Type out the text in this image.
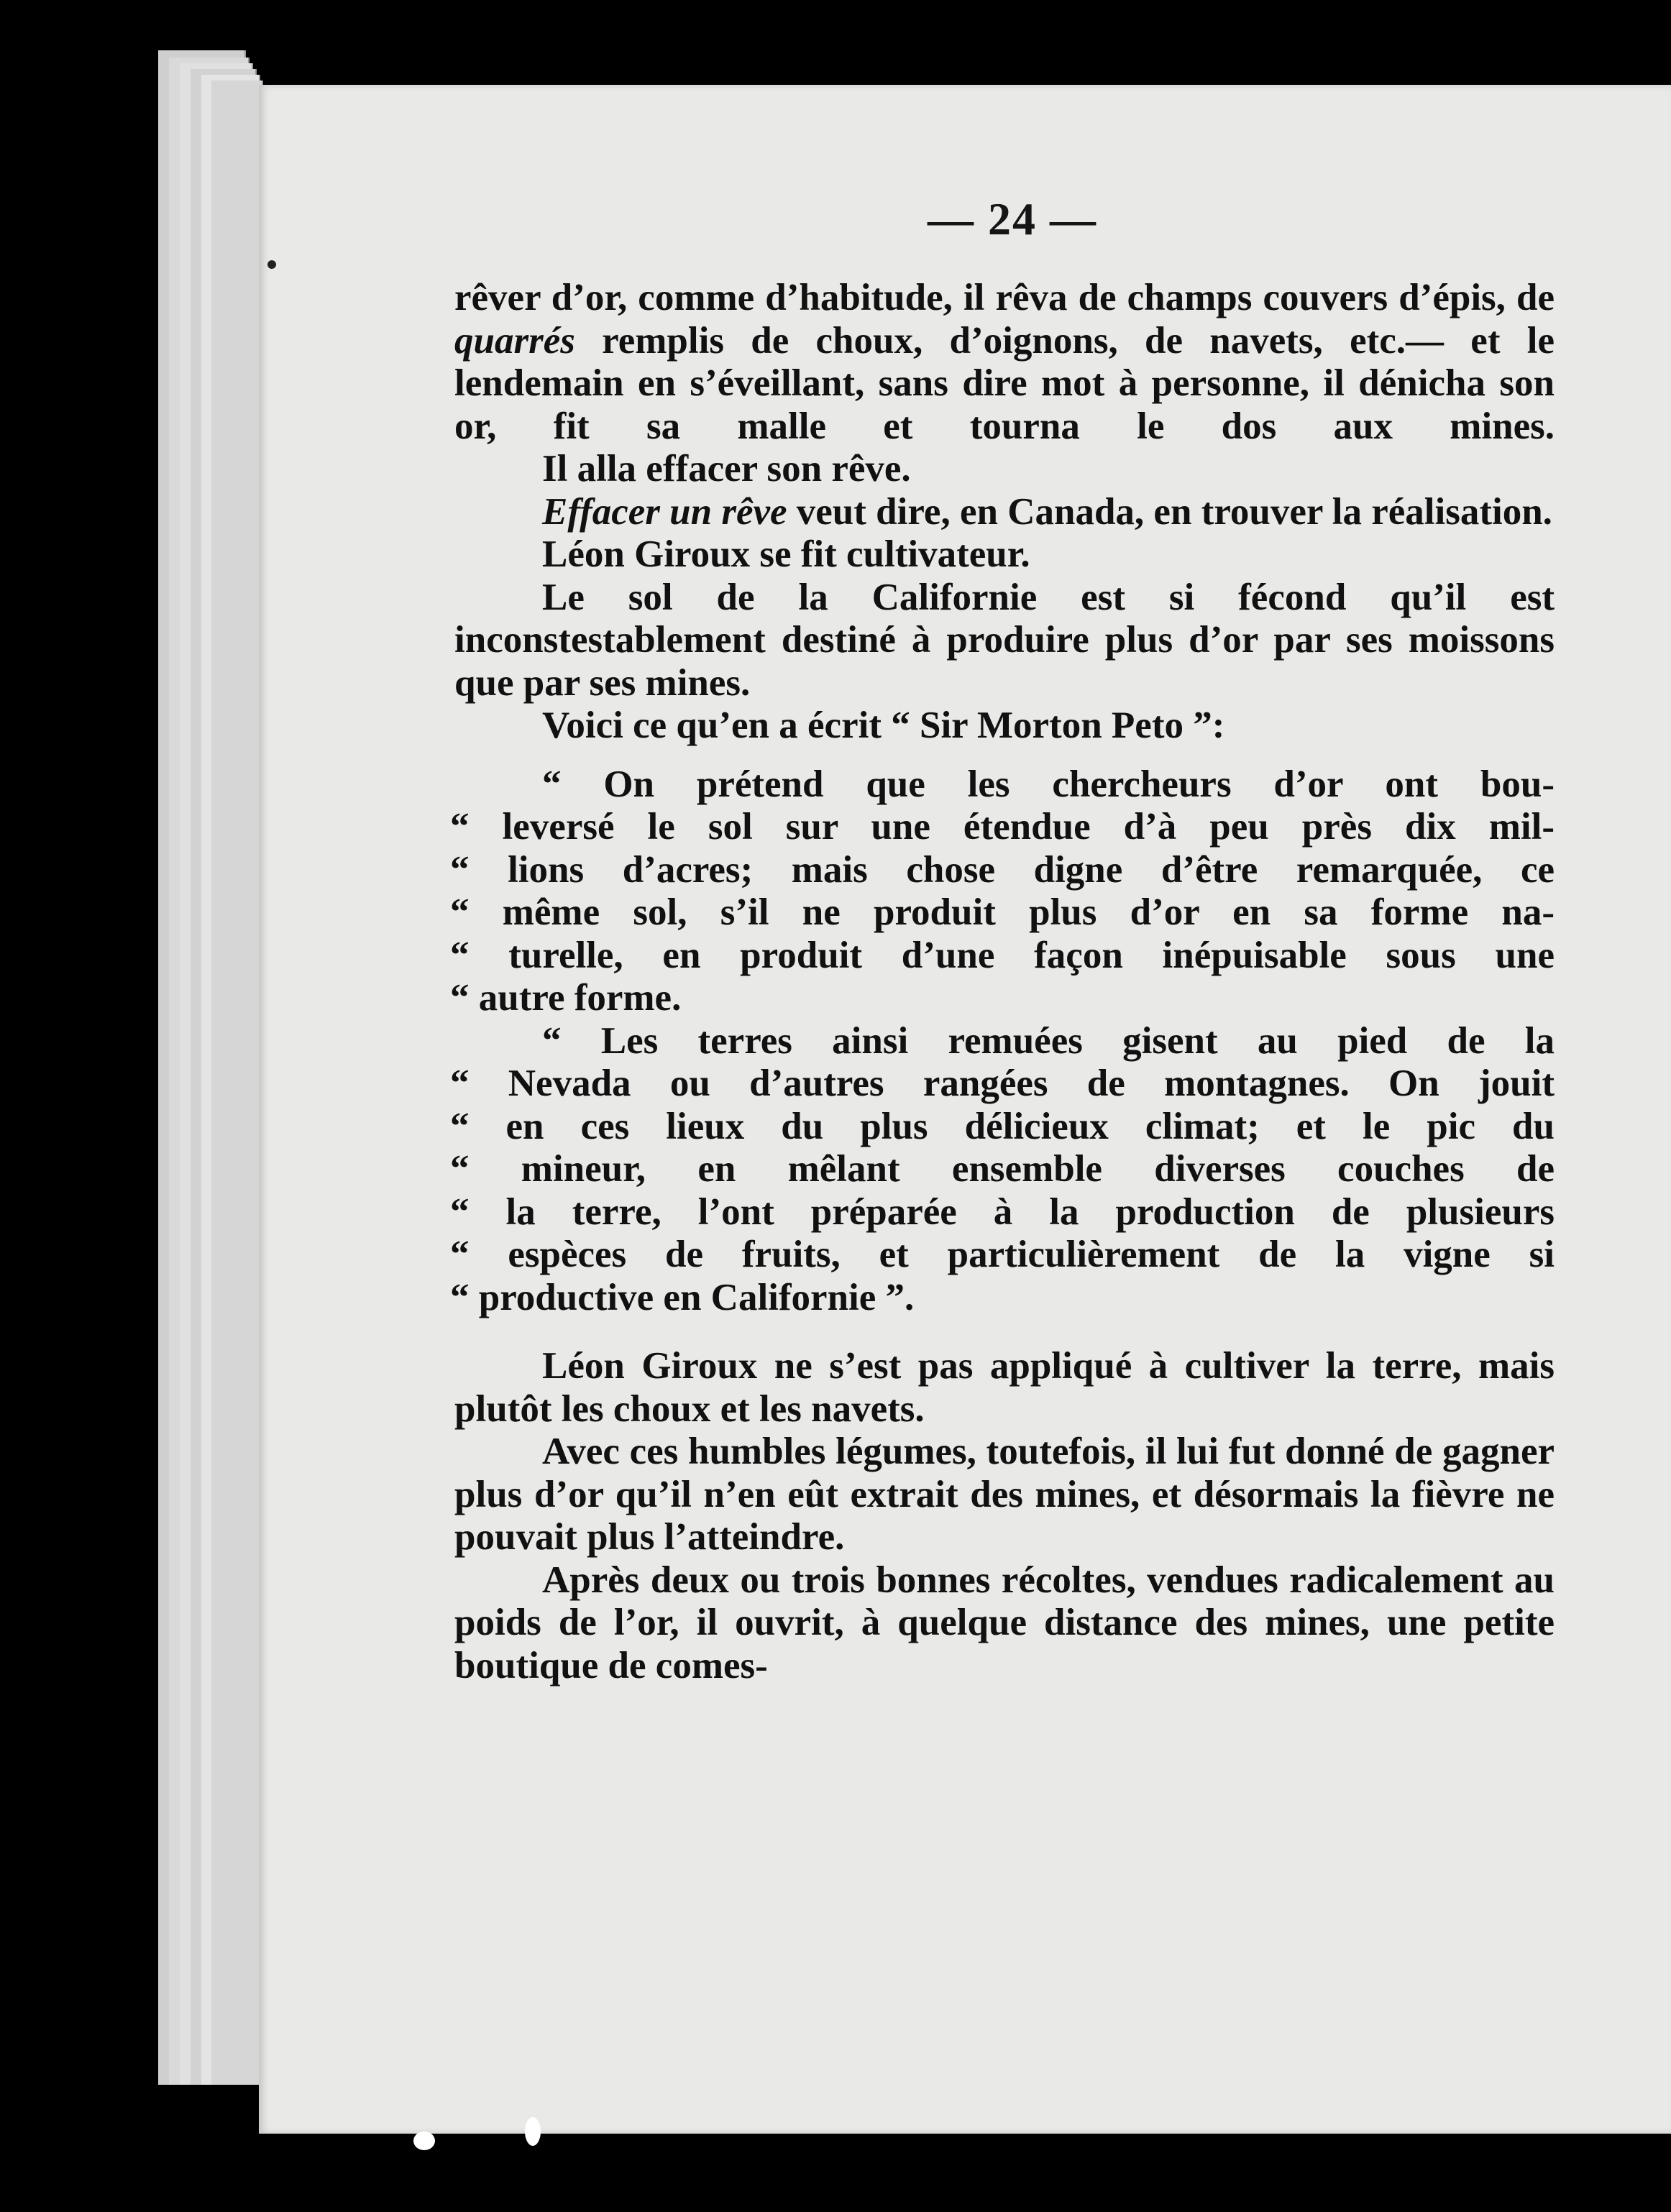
— 24 —

rêver d’or, comme d’habitude, il rêva de champs couvers d’épis, de quarrés remplis de choux, d’oignons, de navets, etc.— et le lendemain en s’éveillant, sans dire mot à personne, il dénicha son or, fit sa malle et tourna le dos aux mines.

Il alla effacer son rêve.

Effacer un rêve veut dire, en Canada, en trouver la réalisation.

Léon Giroux se fit cultivateur.

Le sol de la Californie est si fécond qu’il est inconstestablement destiné à produire plus d’or par ses moissons que par ses mines.

Voici ce qu’en a écrit “ Sir Morton Peto ”:

“ On prétend que les chercheurs d’or ont bou-
“ leversé le sol sur une étendue d’à peu près dix mil-
“ lions d’acres; mais chose digne d’être remarquée, ce
“ même sol, s’il ne produit plus d’or en sa forme na-
“ turelle, en produit d’une façon inépuisable sous une
“ autre forme.

“ Les terres ainsi remuées gisent au pied de la
“ Nevada ou d’autres rangées de montagnes. On jouit
“ en ces lieux du plus délicieux climat; et le pic du
“ mineur, en mêlant ensemble diverses couches de
“ la terre, l’ont préparée à la production de plusieurs
“ espèces de fruits, et particulièrement de la vigne si
“ productive en Californie ”.

Léon Giroux ne s’est pas appliqué à cultiver la terre, mais plutôt les choux et les navets.

Avec ces humbles légumes, toutefois, il lui fut donné de gagner plus d’or qu’il n’en eût extrait des mines, et désormais la fièvre ne pouvait plus l’atteindre.

Après deux ou trois bonnes récoltes, vendues radicalement au poids de l’or, il ouvrit, à quelque distance des mines, une petite boutique de comes-
